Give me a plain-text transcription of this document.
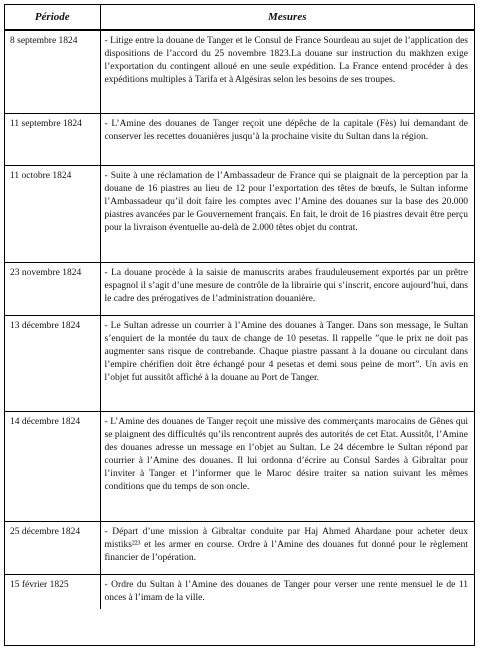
Période	Mesures
8 septembre 1824	- Litige entre la douane de Tanger et le Consul de France Sourdeau au sujet de l’application des dispositions de l’accord du 25 novembre 1823.La douane sur instruction du makhzen exige l’exportation du contingent alloué en une seule expédition. La France entend procéder à des expéditions multiples à Tarifa et à Algésiras selon les besoins de ses troupes.
11 septembre 1824	- L’Amine des douanes de Tanger reçoit une dépêche de la capitale (Fès) lui demandant de conserver les recettes douanières jusqu’à la prochaine visite du Sultan dans la région.
11 octobre 1824	- Suite à une réclamation de l’Ambassadeur de France qui se plaignait de la perception par la douane de 16 piastres au lieu de 12 pour l’exportation des têtes de bœufs, le Sultan informe l’Ambassadeur qu’il doit faire les comptes avec l’Amine des douanes sur la base des 20.000 piastres avancées par le Gouvernement français. En fait, le droit de 16 piastres devait être perçu pour la livraison éventuelle au-delà de 2.000 têtes objet du contrat.
23 novembre 1824	- La douane procède à la saisie de manuscrits arabes frauduleusement exportés par un prêtre espagnol il s’agit d’une mesure de contrôle de la librairie qui s’inscrit, encore aujourd’hui, dans le cadre des prérogatives de l’administration douanière.
13 décembre 1824	- Le Sultan adresse un courrier à l’Amine des douanes à Tanger. Dans son message, le Sultan s’enquiert de la montée du taux de change de 10 pesetas. Il rappelle ”que le prix ne doit pas augmenter sans risque de contrebande. Chaque piastre passant à la douane ou circulant dans l’empire chérifien doit être échangé pour 4 pesetas et demi sous peine de mort”. Un avis en l’objet fut aussitôt affiché à la douane au Port de Tanger.
14 décembre 1824	- L’Amine des douanes de Tanger reçoit une missive des commerçants marocains de Gênes qui se plaignent des difficultés qu’ils rencontrent auprès des autorités de cet Etat. Aussitôt, l’Amine des douanes adresse un message en l’objet au Sultan. Le 24 décembre le Sultan répond par courrier à l’Amine des douanes. Il lui ordonna d’écrire au Consul Sardes à Gibraltar pour l’inviter à Tanger et l’informer que le Maroc désire traiter sa nation suivant les mêmes conditions que du temps de son oncle.
25 décembre 1824	- Départ d’une mission à Gibraltar conduite par Haj Ahmed Ahardane pour acheter deux mistiks²²³ et les armer en course. Ordre à l’Amine des douanes fut donné pour le règlement financier de l’opération.
15 février 1825	- Ordre du Sultan à l’Amine des douanes de Tanger pour verser une rente mensuel le de 11 onces à l’imam de la ville.
